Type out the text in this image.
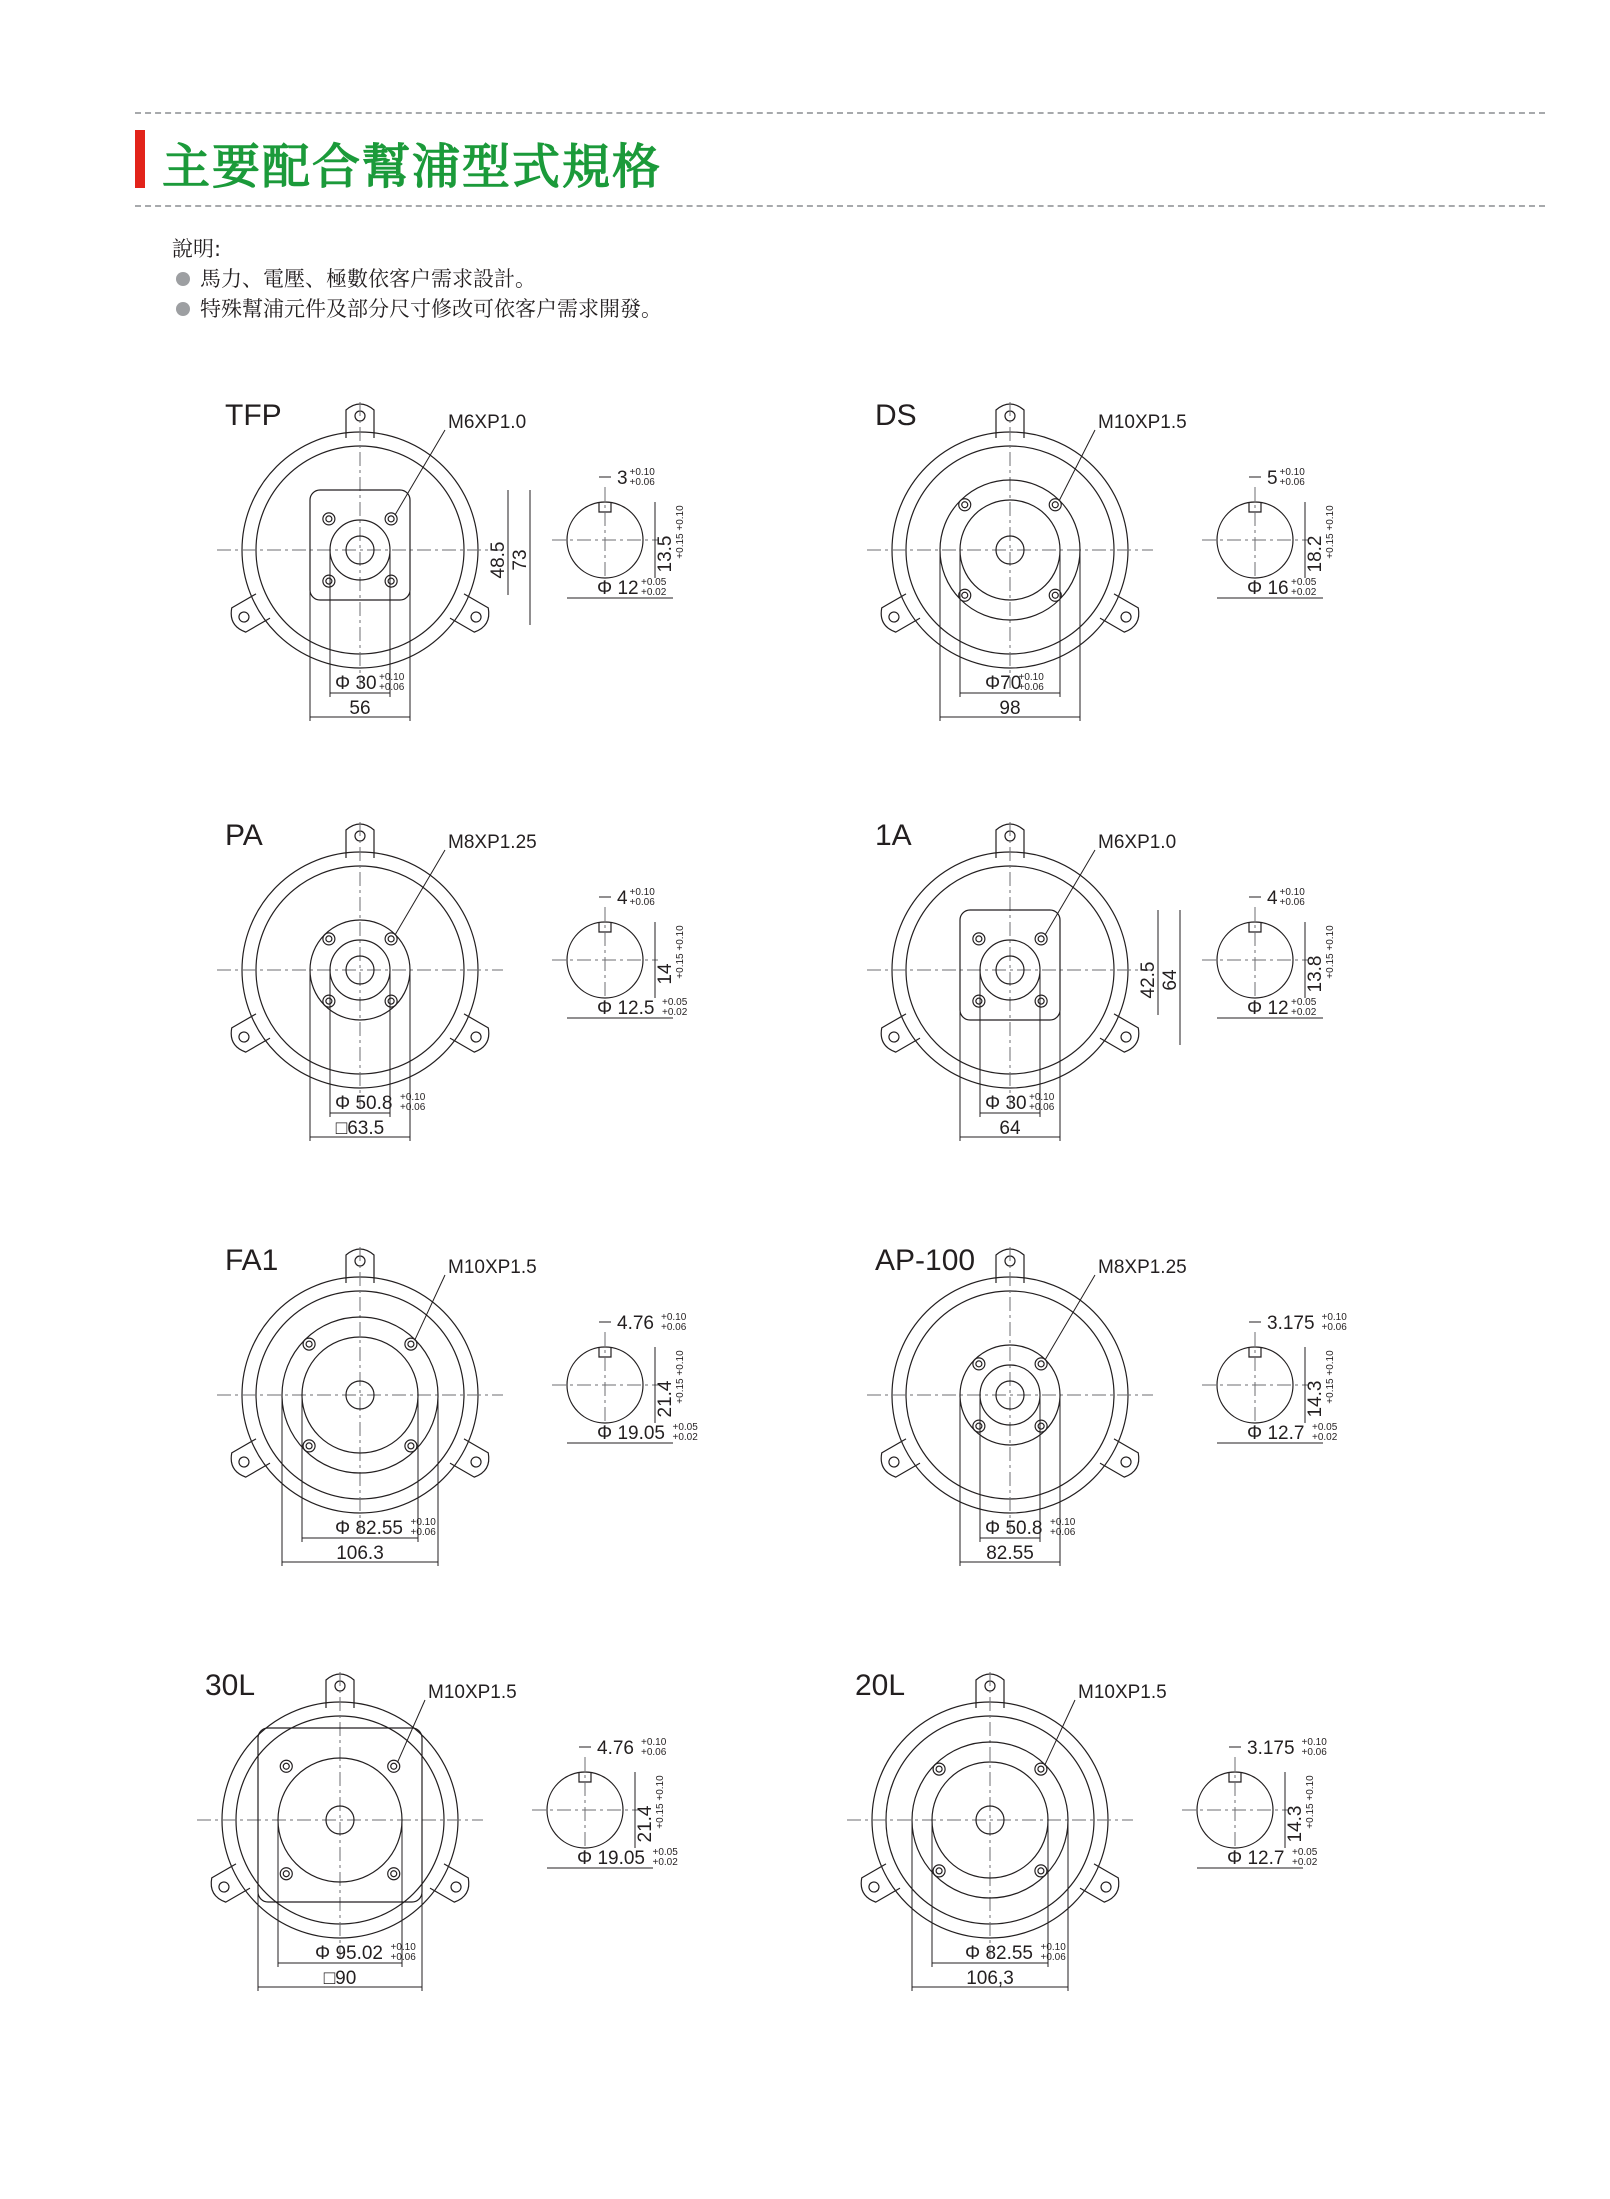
主要配合幫浦型式規格
說明:
馬力、電壓、極數依客户需求設計。
特殊幫浦元件及部分尺寸修改可依客户需求開發。
TFP	M6XP1.0
Φ 30 +0.10
+0.06
56
48.5 73
3 +0.10
+0.06
13.5 +0.15 +0.10
Φ 12 +0.05
+0.02
DS	M10XP1.5
Φ70
+0.10
+0.06
98
5 +0.10
+0.06
18.2 +0.15 +0.10
Φ 16 +0.05
+0.02
PA	M8XP1.25
Φ 50.8 +0.10
+0.06
□63.5
4 +0.10
+0.06
14 +0.15 +0.10
Φ 12.5 +0.05
+0.02
1A	M6XP1.0
Φ 30 +0.10
+0.06
64
42.5 64
4 +0.10
+0.06
13.8 +0.15 +0.10
Φ 12 +0.05
+0.02
FA1	M10XP1.5
Φ 82.55 +0.10
+0.06
106.3
4.76 +0.10
+0.06
21.4 +0.15 +0.10
Φ 19.05 +0.05
+0.02
AP-100	M8XP1.25
Φ 50.8 +0.10
+0.06
82.55
3.175 +0.10
+0.06
14.3 +0.15 +0.10
Φ 12.7 +0.05
+0.02
30L	M10XP1.5
Φ 95.02 +0.10
+0.06
□90
4.76 +0.10
+0.06
21.4 +0.15 +0.10
Φ 19.05 +0.05
+0.02
20L	M10XP1.5
Φ 82.55 +0.10
+0.06
106,3
3.175 +0.10
+0.06
14.3 +0.15 +0.10
Φ 12.7 +0.05
+0.02
